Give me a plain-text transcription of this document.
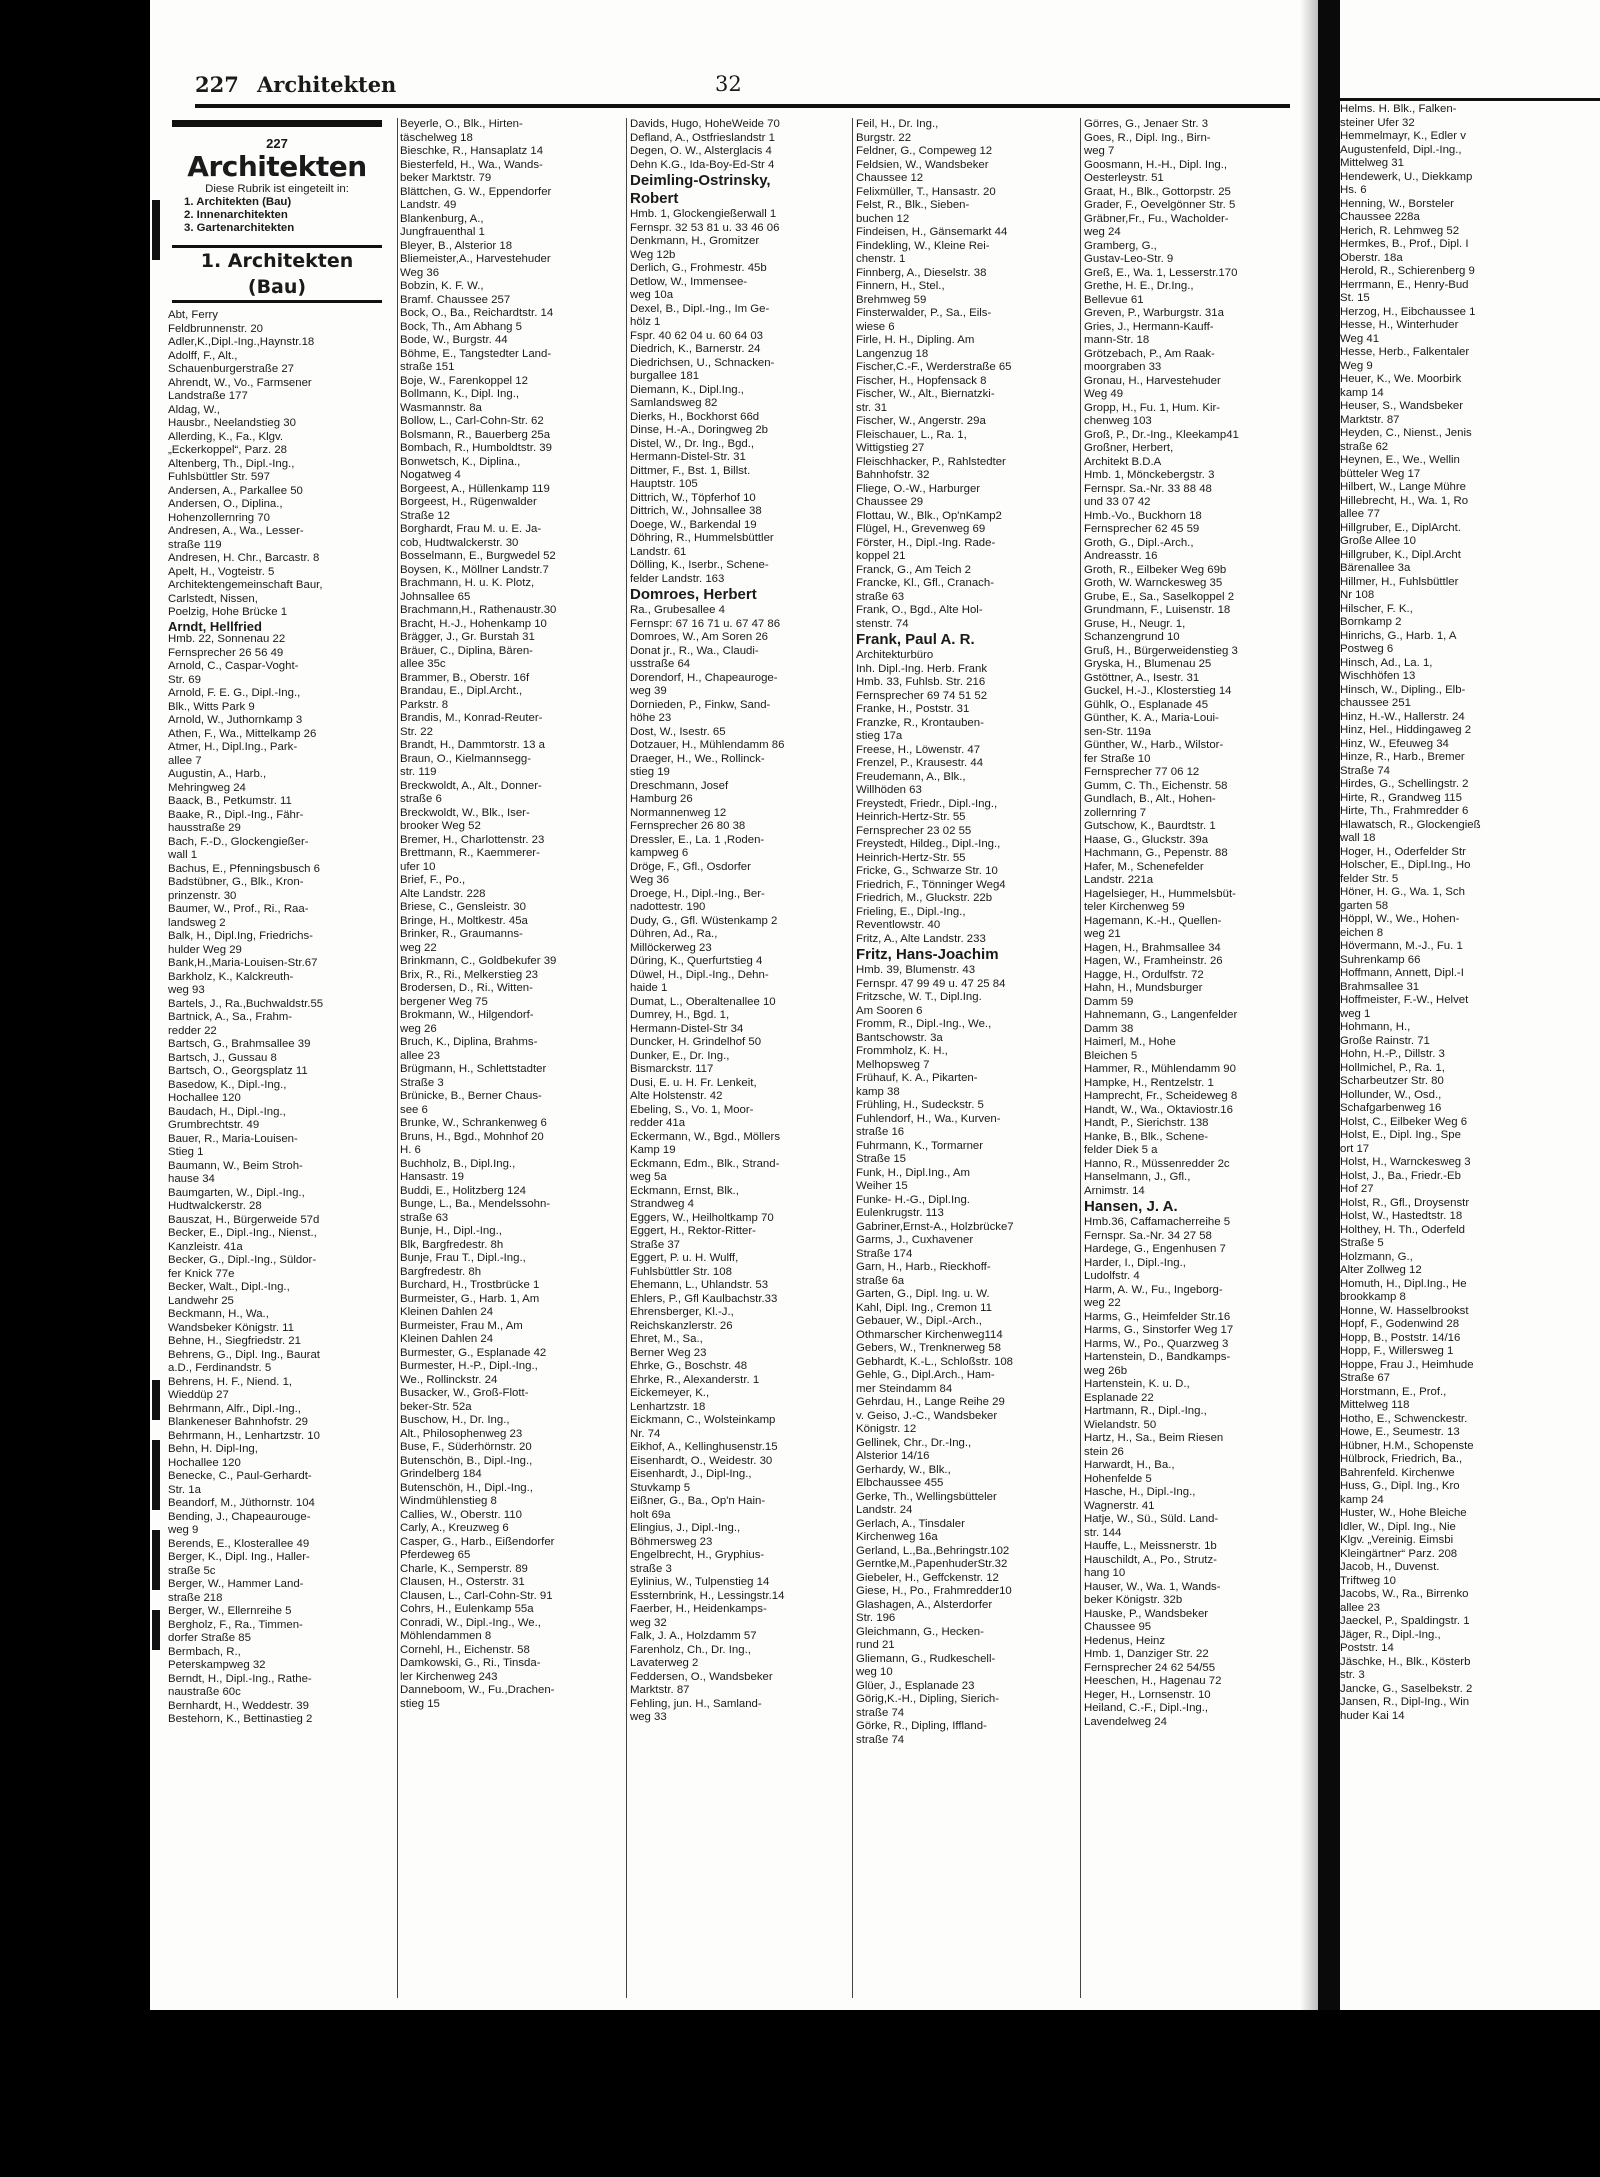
227 Architekten	32
227
Architekten
Diese Rubrik ist eingeteilt in:
1. Architekten (Bau)
2. Innenarchitekten
3. Gartenarchitekten
1. Architekten (Bau)
Abt, Ferry
Feldbrunnenstr. 20
Adler,K.,Dipl.-Ing.,Haynstr.18
Adolff, F., Alt.,
Schauenburgerstraße 27
Ahrendt, W., Vo., Farmsener
Landstraße 177
Aldag, W.,
Hausbr., Neelandstieg 30
Allerding, K., Fa., Klgv.
„Eckerkoppel“, Parz. 28
Altenberg, Th., Dipl.-Ing.,
Fuhlsbüttler Str. 597
Andersen, A., Parkallee 50
Andersen, O., Diplina.,
Hohenzollernring 70
Andresen, A., Wa., Lesser-
straße 119
Andresen, H. Chr., Barcastr. 8
Apelt, H., Vogteistr. 5
Architektengemeinschaft Baur,
Carlstedt, Nissen,
Poelzig, Hohe Brücke 1
Arndt, Hellfried
Hmb. 22, Sonnenau 22
Fernsprecher 26 56 49
Arnold, C., Caspar-Voght-
Str. 69
Arnold, F. E. G., Dipl.-Ing.,
Blk., Witts Park 9
Arnold, W., Juthornkamp 3
Athen, F., Wa., Mittelkamp 26
Atmer, H., Dipl.Ing., Park-
allee 7
Augustin, A., Harb.,
Mehringweg 24
Baack, B., Petkumstr. 11
Baake, R., Dipl.-Ing., Fähr-
hausstraße 29
Bach, F.-D., Glockengießer-
wall 1
Bachus, E., Pfenningsbusch 6
Badstübner, G., Blk., Kron-
prinzenstr. 30
Baumer, W., Prof., Ri., Raa-
landsweg 2
Balk, H., Dipl.Ing, Friedrichs-
hulder Weg 29
Bank,H.,Maria-Louisen-Str.67
Barkholz, K., Kalckreuth-
weg 93
Bartels, J., Ra.,Buchwaldstr.55
Bartnick, A., Sa., Frahm-
redder 22
Bartsch, G., Brahmsallee 39
Bartsch, J., Gussau 8
Bartsch, O., Georgsplatz 11
Basedow, K., Dipl.-Ing.,
Hochallee 120
Baudach, H., Dipl.-Ing.,
Grumbrechtstr. 49
Bauer, R., Maria-Louisen-
Stieg 1
Baumann, W., Beim Stroh-
hause 34
Baumgarten, W., Dipl.-Ing.,
Hudtwalckerstr. 28
Bauszat, H., Bürgerweide 57d
Becker, E., Dipl.-Ing., Nienst.,
Kanzleistr. 41a
Becker, G., Dipl.-Ing., Süldor-
fer Knick 77e
Becker, Walt., Dipl.-Ing.,
Landwehr 25
Beckmann, H., Wa.,
Wandsbeker Königstr. 11
Behne, H., Siegfriedstr. 21
Behrens, G., Dipl. Ing., Baurat
a.D., Ferdinandstr. 5
Behrens, H. F., Niend. 1,
Wieddüp 27
Behrmann, Alfr., Dipl.-Ing.,
Blankeneser Bahnhofstr. 29
Behrmann, H., Lenhartzstr. 10
Behn, H. Dipl-Ing,
Hochallee 120
Benecke, C., Paul-Gerhardt-
Str. 1a
Beandorf, M., Jüthornstr. 104
Bending, J., Chapeaurouge-
weg 9
Berends, E., Klosterallee 49
Berger, K., Dipl. Ing., Haller-
straße 5c
Berger, W., Hammer Land-
straße 218
Berger, W., Ellernreihe 5
Bergholz, F., Ra., Timmen-
dorfer Straße 85
Bermbach, R.,
Peterskampweg 32
Berndt, H., Dipl.-Ing., Rathe-
naustraße 60c
Bernhardt, H., Weddestr. 39
Bestehorn, K., Bettinastieg 2
Beyerle, O., Blk., Hirten-
täschelweg 18
Bieschke, R., Hansaplatz 14
Biesterfeld, H., Wa., Wands-
beker Marktstr. 79
Blättchen, G. W., Eppendorfer
Landstr. 49
Blankenburg, A.,
Jungfrauenthal 1
Bleyer, B., Alsterior 18
Bliemeister,A., Harvestehuder
Weg 36
Bobzin, K. F. W.,
Bramf. Chaussee 257
Bock, O., Ba., Reichardtstr. 14
Bock, Th., Am Abhang 5
Bode, W., Burgstr. 44
Böhme, E., Tangstedter Land-
straße 151
Boje, W., Farenkoppel 12
Bollmann, K., Dipl. Ing.,
Wasmannstr. 8a
Bollow, L., Carl-Cohn-Str. 62
Bolsmann, R., Bauerberg 25a
Bombach, R., Humboldtstr. 39
Bonwetsch, K., Diplina.,
Nogatweg 4
Borgeest, A., Hüllenkamp 119
Borgeest, H., Rügenwalder
Straße 12
Borghardt, Frau M. u. E. Ja-
cob, Hudtwalckerstr. 30
Bosselmann, E., Burgwedel 52
Boysen, K., Möllner Landstr.7
Brachmann, H. u. K. Plotz,
Johnsallee 65
Brachmann,H., Rathenaustr.30
Bracht, H.-J., Hohenkamp 10
Brägger, J., Gr. Burstah 31
Bräuer, C., Diplina, Bären-
allee 35c
Brammer, B., Oberstr. 16f
Brandau, E., Dipl.Archt.,
Parkstr. 8
Brandis, M., Konrad-Reuter-
Str. 22
Brandt, H., Dammtorstr. 13 a
Braun, O., Kielmannsegg-
str. 119
Breckwoldt, A., Alt., Donner-
straße 6
Breckwoldt, W., Blk., Iser-
brooker Weg 52
Bremer, H., Charlottenstr. 23
Brettmann, R., Kaemmerer-
ufer 10
Brief, F., Po.,
Alte Landstr. 228
Briese, C., Gensleistr. 30
Bringe, H., Moltkestr. 45a
Brinker, R., Graumanns-
weg 22
Brinkmann, C., Goldbekufer 39
Brix, R., Ri., Melkerstieg 23
Brodersen, D., Ri., Witten-
bergener Weg 75
Brokmann, W., Hilgendorf-
weg 26
Bruch, K., Diplina, Brahms-
allee 23
Brügmann, H., Schlettstadter
Straße 3
Brünicke, B., Berner Chaus-
see 6
Brunke, W., Schrankenweg 6
Bruns, H., Bgd., Mohnhof 20
H. 6
Buchholz, B., Dipl.Ing.,
Hansastr. 19
Buddi, E., Holitzberg 124
Bunge, L., Ba., Mendelssohn-
straße 63
Bunje, H., Dipl.-Ing.,
Blk, Bargfredestr. 8h
Bunje, Frau T., Dipl.-Ing.,
Bargfredestr. 8h
Burchard, H., Trostbrücke 1
Burmeister, G., Harb. 1, Am
Kleinen Dahlen 24
Burmeister, Frau M., Am
Kleinen Dahlen 24
Burmester, G., Esplanade 42
Burmester, H.-P., Dipl.-Ing.,
We., Rollinckstr. 24
Busacker, W., Groß-Flott-
beker-Str. 52a
Buschow, H., Dr. Ing.,
Alt., Philosophenweg 23
Buse, F., Süderhörnstr. 20
Butenschön, B., Dipl.-Ing.,
Grindelberg 184
Butenschön, H., Dipl.-Ing.,
Windmühlenstieg 8
Callies, W., Oberstr. 110
Carly, A., Kreuzweg 6
Casper, G., Harb., Eißendorfer
Pferdeweg 65
Charle, K., Semperstr. 89
Clausen, H., Osterstr. 31
Clausen, L., Carl-Cohn-Str. 91
Cohrs, H., Eulenkamp 55a
Conradi, W., Dipl.-Ing., We.,
Möhlendammen 8
Cornehl, H., Eichenstr. 58
Damkowski, G., Ri., Tinsda-
ler Kirchenweg 243
Danneboom, W., Fu.,Drachen-
stieg 15
Davids, Hugo, HoheWeide 70
Defland, A., Ostfrieslandstr 1
Degen, O. W., Alsterglacis 4
Dehn K.G., Ida-Boy-Ed-Str 4
Deimling-Ostrinsky,
Robert
Hmb. 1, Glockengießerwall 1
Fernspr. 32 53 81 u. 33 46 06
Denkmann, H., Gromitzer
Weg 12b
Derlich, G., Frohmestr. 45b
Detlow, W., Immensee-
weg 10a
Dexel, B., Dipl.-Ing., Im Ge-
hölz 1
Fspr. 40 62 04 u. 60 64 03
Diedrich, K., Barnerstr. 24
Diedrichsen, U., Schnacken-
burgallee 181
Diemann, K., Dipl.Ing.,
Samlandsweg 82
Dierks, H., Bockhorst 66d
Dinse, H.-A., Doringweg 2b
Distel, W., Dr. Ing., Bgd.,
Hermann-Distel-Str. 31
Dittmer, F., Bst. 1, Billst.
Hauptstr. 105
Dittrich, W., Töpferhof 10
Dittrich, W., Johnsallee 38
Doege, W., Barkendal 19
Döhring, R., Hummelsbüttler
Landstr. 61
Dölling, K., Iserbr., Schene-
felder Landstr. 163
Domroes, Herbert
Ra., Grubesallee 4
Fernspr: 67 16 71 u. 67 47 86
Domroes, W., Am Soren 26
Donat jr., R., Wa., Claudi-
usstraße 64
Dorendorf, H., Chapeauroge-
weg 39
Dornieden, P., Finkw, Sand-
höhe 23
Dost, W., Isestr. 65
Dotzauer, H., Mühlendamm 86
Draeger, H., We., Rollinck-
stieg 19
Dreschmann, Josef
Hamburg 26
Normannenweg 12
Fernsprecher 26 80 38
Dressler, E., La. 1 ,Roden-
kampweg 6
Dröge, F., Gfl., Osdorfer
Weg 36
Droege, H., Dipl.-Ing., Ber-
nadottestr. 190
Dudy, G., Gfl. Wüstenkamp 2
Dühren, Ad., Ra.,
Millöckerweg 23
Düring, K., Querfurtstieg 4
Düwel, H., Dipl.-Ing., Dehn-
haide 1
Dumat, L., Oberaltenallee 10
Dumrey, H., Bgd. 1,
Hermann-Distel-Str 34
Duncker, H. Grindelhof 50
Dunker, E., Dr. Ing.,
Bismarckstr. 117
Dusi, E. u. H. Fr. Lenkeit,
Alte Holstenstr. 42
Ebeling, S., Vo. 1, Moor-
redder 41a
Eckermann, W., Bgd., Möllers
Kamp 19
Eckmann, Edm., Blk., Strand-
weg 5a
Eckmann, Ernst, Blk.,
Strandweg 4
Eggers, W., Heilholtkamp 70
Eggert, H., Rektor-Ritter-
Straße 37
Eggert, P. u. H. Wulff,
Fuhlsbüttler Str. 108
Ehemann, L., Uhlandstr. 53
Ehlers, P., Gfl Kaulbachstr.33
Ehrensberger, Kl.-J.,
Reichskanzlerstr. 26
Ehret, M., Sa.,
Berner Weg 23
Ehrke, G., Boschstr. 48
Ehrke, R., Alexanderstr. 1
Eickemeyer, K.,
Lenhartzstr. 18
Eickmann, C., Wolsteinkamp
Nr. 74
Eikhof, A., Kellinghusenstr.15
Eisenhardt, O., Weidestr. 30
Eisenhardt, J., Dipl-Ing.,
Stuvkamp 5
Eißner, G., Ba., Op'n Hain-
holt 69a
Elingius, J., Dipl.-Ing.,
Böhmersweg 23
Engelbrecht, H., Gryphius-
straße 3
Eylinius, W., Tulpenstieg 14
Essternbrink, H., Lessingstr.14
Faerber, H., Heidenkamps-
weg 32
Falk, J. A., Holzdamm 57
Farenholz, Ch., Dr. Ing.,
Lavaterweg 2
Feddersen, O., Wandsbeker
Marktstr. 87
Fehling, jun. H., Samland-
weg 33
Feil, H., Dr. Ing.,
Burgstr. 22
Feldner, G., Compeweg 12
Feldsien, W., Wandsbeker
Chaussee 12
Felixmüller, T., Hansastr. 20
Felst, R., Blk., Sieben-
buchen 12
Findeisen, H., Gänsemarkt 44
Findekling, W., Kleine Rei-
chenstr. 1
Finnberg, A., Dieselstr. 38
Finnern, H., Stel.,
Brehmweg 59
Finsterwalder, P., Sa., Eils-
wiese 6
Firle, H. H., Dipling. Am
Langenzug 18
Fischer,C.-F., Werderstraße 65
Fischer, H., Hopfensack 8
Fischer, W., Alt., Biernatzki-
str. 31
Fischer, W., Angerstr. 29a
Fleischauer, L., Ra. 1,
Wittigstieg 27
Fleischhacker, P., Rahlstedter
Bahnhofstr. 32
Fliege, O.-W., Harburger
Chaussee 29
Flottau, W., Blk., Op'nKamp2
Flügel, H., Grevenweg 69
Förster, H., Dipl.-Ing. Rade-
koppel 21
Franck, G., Am Teich 2
Francke, Kl., Gfl., Cranach-
straße 63
Frank, O., Bgd., Alte Hol-
stenstr. 74
Frank, Paul A. R.
Architekturbüro
Inh. Dipl.-Ing. Herb. Frank
Hmb. 33, Fuhlsb. Str. 216
Fernsprecher 69 74 51 52
Franke, H., Poststr. 31
Franzke, R., Krontauben-
stieg 17a
Freese, H., Löwenstr. 47
Frenzel, P., Krausestr. 44
Freudemann, A., Blk.,
Willhöden 63
Freystedt, Friedr., Dipl.-Ing.,
Heinrich-Hertz-Str. 55
Fernsprecher 23 02 55
Freystedt, Hildeg., Dipl.-Ing.,
Heinrich-Hertz-Str. 55
Fricke, G., Schwarze Str. 10
Friedrich, F., Tönninger Weg4
Friedrich, M., Gluckstr. 22b
Frieling, E., Dipl.-Ing.,
Reventlowstr. 40
Fritz, A., Alte Landstr. 233
Fritz, Hans-Joachim
Hmb. 39, Blumenstr. 43
Fernspr. 47 99 49 u. 47 25 84
Fritzsche, W. T., Dipl.Ing.
Am Sooren 6
Fromm, R., Dipl.-Ing., We.,
Bantschowstr. 3a
Frommholz, K. H.,
Melhopsweg 7
Frühauf, K. A., Pikarten-
kamp 38
Frühling, H., Sudeckstr. 5
Fuhlendorf, H., Wa., Kurven-
straße 16
Fuhrmann, K., Tormarner
Straße 15
Funk, H., Dipl.Ing., Am
Weiher 15
Funke- H.-G., Dipl.Ing.
Eulenkrugstr. 113
Gabriner,Ernst-A., Holzbrücke7
Garms, J., Cuxhavener
Straße 174
Garn, H., Harb., Rieckhoff-
straße 6a
Garten, G., Dipl. Ing. u. W.
Kahl, Dipl. Ing., Cremon 11
Gebauer, W., Dipl.-Arch.,
Othmarscher Kirchenweg114
Gebers, W., Trenknerweg 58
Gebhardt, K.-L., Schloßstr. 108
Gehle, G., Dipl.Arch., Ham-
mer Steindamm 84
Gehrdau, H., Lange Reihe 29
v. Geiso, J.-C., Wandsbeker
Königstr. 12
Gellinek, Chr., Dr.-Ing.,
Alsterior 14/16
Gerhardy, W., Blk.,
Elbchaussee 455
Gerke, Th., Wellingsbütteler
Landstr. 24
Gerlach, A., Tinsdaler
Kirchenweg 16a
Gerland, L.,Ba.,Behringstr.102
Gerntke,M.,PapenhuderStr.32
Giebeler, H., Geffckenstr. 12
Giese, H., Po., Frahmredder10
Glashagen, A., Alsterdorfer
Str. 196
Gleichmann, G., Hecken-
rund 21
Gliemann, G., Rudkeschell-
weg 10
Glüer, J., Esplanade 23
Görig,K.-H., Dipling, Sierich-
straße 74
Görke, R., Dipling, Iffland-
straße 74
Görres, G., Jenaer Str. 3
Goes, R., Dipl. Ing., Birn-
weg 7
Goosmann, H.-H., Dipl. Ing.,
Oesterleystr. 51
Graat, H., Blk., Gottorpstr. 25
Grader, F., Oevelgönner Str. 5
Gräbner,Fr., Fu., Wacholder-
weg 24
Gramberg, G.,
Gustav-Leo-Str. 9
Greß, E., Wa. 1, Lesserstr.170
Grethe, H. E., Dr.Ing.,
Bellevue 61
Greven, P., Warburgstr. 31a
Gries, J., Hermann-Kauff-
mann-Str. 18
Grötzebach, P., Am Raak-
moorgraben 33
Gronau, H., Harvestehuder
Weg 49
Gropp, H., Fu. 1, Hum. Kir-
chenweg 103
Groß, P., Dr.-Ing., Kleekamp41
Großner, Herbert,
Architekt B.D.A
Hmb. 1, Mönckebergstr. 3
Fernspr. Sa.-Nr. 33 88 48
und 33 07 42
Hmb.-Vo., Buckhorn 18
Fernsprecher 62 45 59
Groth, G., Dipl.-Arch.,
Andreasstr. 16
Groth, R., Eilbeker Weg 69b
Groth, W. Warnckesweg 35
Grube, E., Sa., Saselkoppel 2
Grundmann, F., Luisenstr. 18
Gruse, H., Neugr. 1,
Schanzengrund 10
Gruß, H., Bürgerweidenstieg 3
Gryska, H., Blumenau 25
Gstöttner, A., Isestr. 31
Guckel, H.-J., Klosterstieg 14
Gühlk, O., Esplanade 45
Günther, K. A., Maria-Loui-
sen-Str. 119a
Günther, W., Harb., Wilstor-
fer Straße 10
Fernsprecher 77 06 12
Gumm, C. Th., Eichenstr. 58
Gundlach, B., Alt., Hohen-
zollernring 7
Gutschow, K., Baurdtstr. 1
Haase, G., Gluckstr. 39a
Hachmann, G., Pepenstr. 88
Hafer, M., Schenefelder
Landstr. 221a
Hagelsieger, H., Hummelsbüt-
teler Kirchenweg 59
Hagemann, K.-H., Quellen-
weg 21
Hagen, H., Brahmsallee 34
Hagen, W., Framheinstr. 26
Hagge, H., Ordulfstr. 72
Hahn, H., Mundsburger
Damm 59
Hahnemann, G., Langenfelder
Damm 38
Haimerl, M., Hohe
Bleichen 5
Hammer, R., Mühlendamm 90
Hampke, H., Rentzelstr. 1
Hamprecht, Fr., Scheideweg 8
Handt, W., Wa., Oktaviostr.16
Handt, P., Sierichstr. 138
Hanke, B., Blk., Schene-
felder Diek 5 a
Hanno, R., Müssenredder 2c
Hanselmann, J., Gfl.,
Arnimstr. 14
Hansen, J. A.
Hmb.36, Caffamacherreihe 5
Fernspr. Sa.-Nr. 34 27 58
Hardege, G., Engenhusen 7
Harder, I., Dipl.-Ing.,
Ludolfstr. 4
Harm, A. W., Fu., Ingeborg-
weg 22
Harms, G., Heimfelder Str.16
Harms, G., Sinstorfer Weg 17
Harms, W., Po., Quarzweg 3
Hartenstein, D., Bandkamps-
weg 26b
Hartenstein, K. u. D.,
Esplanade 22
Hartmann, R., Dipl.-Ing.,
Wielandstr. 50
Hartz, H., Sa., Beim Riesen
stein 26
Harwardt, H., Ba.,
Hohenfelde 5
Hasche, H., Dipl.-Ing.,
Wagnerstr. 41
Hatje, W., Sü., Süld. Land-
str. 144
Hauffe, L., Meissnerstr. 1b
Hauschildt, A., Po., Strutz-
hang 10
Hauser, W., Wa. 1, Wands-
beker Königstr. 32b
Hauske, P., Wandsbeker
Chaussee 95
Hedenus, Heinz
Hmb. 1, Danziger Str. 22
Fernsprecher 24 62 54/55
Heeschen, H., Hagenau 72
Heger, H., Lornsenstr. 10
Heiland, C.-F., Dipl.-Ing.,
Lavendelweg 24
Helms. H. Blk., Falken-
steiner Ufer 32
Hemmelmayr, K., Edler v
Augustenfeld, Dipl.-Ing.,
Mittelweg 31
Hendewerk, U., Diekkamp
Hs. 6
Henning, W., Borsteler
Chaussee 228a
Herich, R. Lehmweg 52
Hermkes, B., Prof., Dipl. I
Oberstr. 18a
Herold, R., Schierenberg 9
Herrmann, E., Henry-Bud
St. 15
Herzog, H., Eibchaussee 1
Hesse, H., Winterhuder
Weg 41
Hesse, Herb., Falkentaler
Weg 9
Heuer, K., We. Moorbirk
kamp 14
Heuser, S., Wandsbeker
Marktstr. 87
Heyden, C., Nienst., Jenis
straße 62
Heynen, E., We., Wellin
bütteler Weg 17
Hilbert, W., Lange Mühre
Hillebrecht, H., Wa. 1, Ro
allee 77
Hillgruber, E., DiplArcht.
Große Allee 10
Hillgruber, K., Dipl.Archt
Bärenallee 3a
Hillmer, H., Fuhlsbüttler
Nr 108
Hilscher, F. K.,
Bornkamp 2
Hinrichs, G., Harb. 1, A
Postweg 6
Hinsch, Ad., La. 1,
Wischhöfen 13
Hinsch, W., Dipling., Elb-
chaussee 251
Hinz, H.-W., Hallerstr. 24
Hinz, Hel., Hiddingaweg 2
Hinz, W., Efeuweg 34
Hinze, R., Harb., Bremer
Straße 74
Hirdes, G., Schellingstr. 2
Hirte, R., Grandweg 115
Hirte, Th., Frahmredder 6
Hlawatsch, R., Glockengieß
wall 18
Hoger, H., Oderfelder Str
Holscher, E., Dipl.Ing., Ho
felder Str. 5
Höner, H. G., Wa. 1, Sch
garten 58
Höppl, W., We., Hohen-
eichen 8
Hövermann, M.-J., Fu. 1
Suhrenkamp 66
Hoffmann, Annett, Dipl.-I
Brahmsallee 31
Hoffmeister, F.-W., Helvet
weg 1
Hohmann, H.,
Große Rainstr. 71
Hohn, H.-P., Dillstr. 3
Hollmichel, P., Ra. 1,
Scharbeutzer Str. 80
Hollunder, W., Osd.,
Schafgarbenweg 16
Holst, C., Eilbeker Weg 6
Holst, E., Dipl. Ing., Spe
ort 17
Holst, H., Warnckesweg 3
Holst, J., Ba., Friedr.-Eb
Hof 27
Holst, R., Gfl., Droysenstr
Holst, W., Hastedtstr. 18
Holthey, H. Th., Oderfeld
Straße 5
Holzmann, G.,
Alter Zollweg 12
Homuth, H., Dipl.Ing., He
brookkamp 8
Honne, W. Hasselbrookst
Hopf, F., Godenwind 28
Hopp, B., Poststr. 14/16
Hopp, F., Willersweg 1
Hoppe, Frau J., Heimhude
Straße 67
Horstmann, E., Prof.,
Mittelweg 118
Hotho, E., Schwenckestr.
Howe, E., Seumestr. 13
Hübner, H.M., Schopenste
Hülbrock, Friedrich, Ba.,
Bahrenfeld. Kirchenwe
Huss, G., Dipl. Ing., Kro
kamp 24
Huster, W., Hohe Bleiche
Idler, W., Dipl. Ing., Nie
Klgv. „Vereinig. Eimsbi
Kleingärtner“ Parz. 208
Jacob, H., Duvenst.
Triftweg 10
Jacobs, W., Ra., Birrenko
allee 23
Jaeckel, P., Spaldingstr. 1
Jäger, R., Dipl.-Ing.,
Poststr. 14
Jäschke, H., Blk., Kösterb
str. 3
Jancke, G., Saselbekstr. 2
Jansen, R., Dipl-Ing., Win
huder Kai 14
